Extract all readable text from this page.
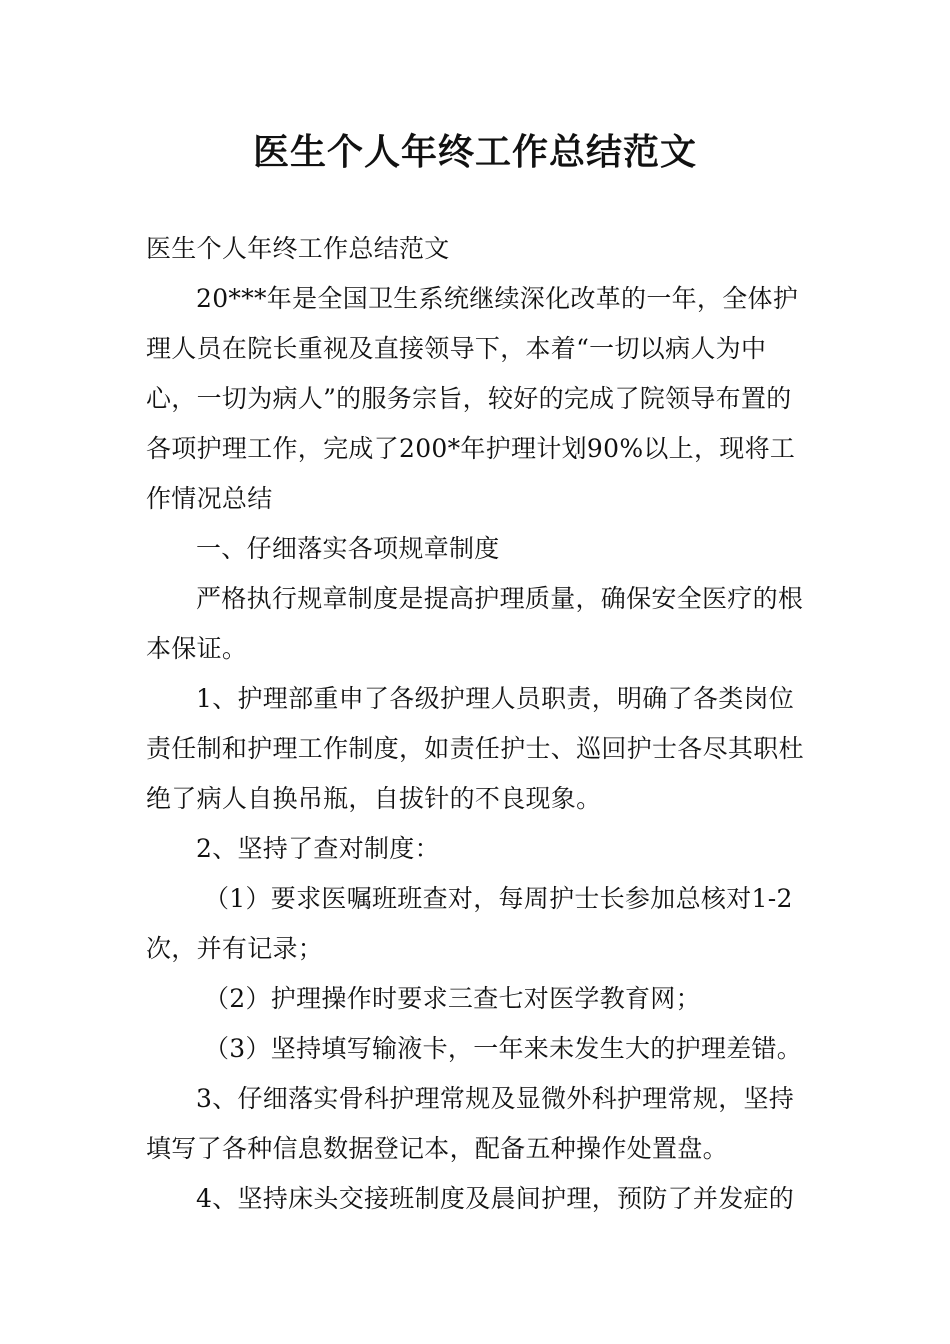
医生个人年终工作总结范文

医生个人年终工作总结范文

20***年是全国卫生系统继续深化改革的一年，全体护理人员在院长重视及直接领导下，本着“一切以病人为中心，一切为病人”的服务宗旨，较好的完成了院领导布置的各项护理工作，完成了200*年护理计划90%以上，现将工作情况总结

一、仔细落实各项规章制度

严格执行规章制度是提高护理质量，确保安全医疗的根本保证。

1、护理部重申了各级护理人员职责，明确了各类岗位责任制和护理工作制度，如责任护士、巡回护士各尽其职杜绝了病人自换吊瓶，自拔针的不良现象。

2、坚持了查对制度：

（1）要求医嘱班班查对，每周护士长参加总核对1-2次，并有记录；

（2）护理操作时要求三查七对医学教育网；

（3）坚持填写输液卡，一年来未发生大的护理差错。

3、仔细落实骨科护理常规及显微外科护理常规，坚持填写了各种信息数据登记本，配备五种操作处置盘。

4、坚持床头交接班制度及晨间护理，预防了并发症的
